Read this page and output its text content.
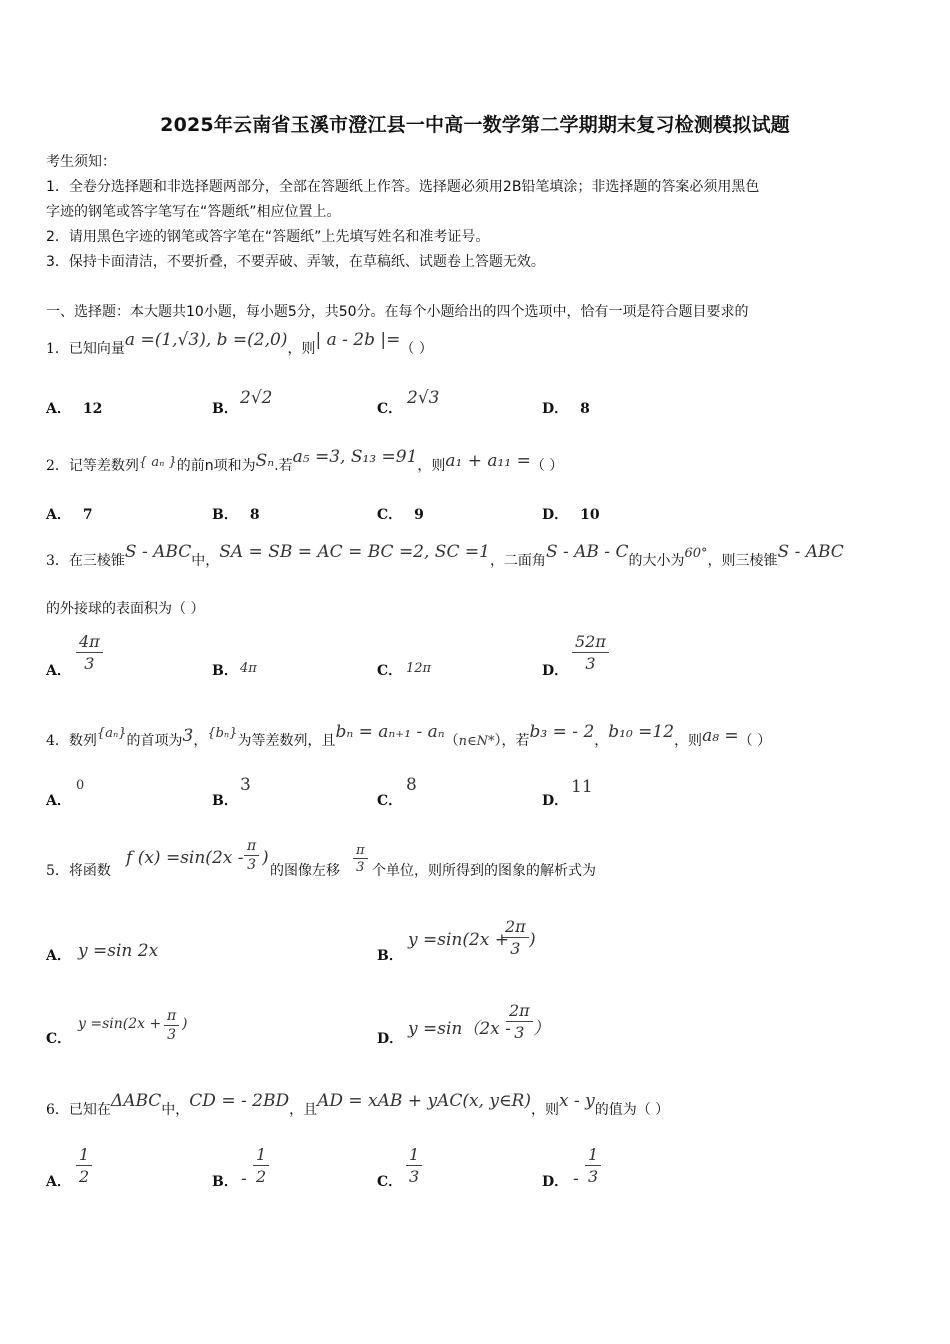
2025年云南省玉溪市澄江县一中高一数学第二学期期末复习检测模拟试题
考生须知：
1．全卷分选择题和非选择题两部分，全部在答题纸上作答。选择题必须用2B铅笔填涂；非选择题的答案必须用黑色
字迹的钢笔或答字笔写在“答题纸”相应位置上。
2．请用黑色字迹的钢笔或答字笔在“答题纸”上先填写姓名和准考证号。
3．保持卡面清洁，不要折叠，不要弄破、弄皱，在草稿纸、试题卷上答题无效。
一、选择题：本大题共10小题，每小题5分，共50分。在每个小题给出的四个选项中，恰有一项是符合题目要求的
1．已知向量a =(1,√3), b =(2,0)，则| a - 2b |=（ ）
A． 12	B．
2√2
C．
2√3
D． 8
2．记等差数列{ aₙ }的前n项和为Sₙ.若a₅ =3, S₁₃ =91，则a₁ + a₁₁ =（ ）
A． 7	B． 8	C． 9	D． 10
3．在三棱锥S - ABC中，SA = SB = AC = BC =2, SC =1，二面角S - AB - C的大小为60°，则三棱锥S - ABC
的外接球的表面积为（ ）
A． $\frac{4\pi}{3}$	B． 4π	C． 12π	D． $\frac{52\pi}{3}$
4．数列{aₙ}的首项为3，{bₙ}为等差数列，且bₙ = aₙ₊₁ - aₙ（n∈N*），若b₃ = - 2，b₁₀ =12，则a₈ =（ ）
A．
0
B．
3
C．
8
D．
11
5．将函数
f $(x) =\sin(2x - \frac{\pi}{3}$ )
的图像左移 $\frac{\pi}{3}$ 个单位，则所得到的图象的解析式为
A． y =sin 2x	B．
y =sin(2x +
$\frac{2\pi}{3}$ )
C．
$y =\sin(2x + \frac{\pi}{3}$ )
D． y =sin（2x -
$\frac{2\pi}{3}$ ）
6．已知在ΔABC中，CD = - 2BD，且AD = xAB + yAC(x, y∈R)，则x - y的值为（ ）
A． $\frac{1}{2}$	B． - $\frac{1}{2}$	C． $\frac{1}{3}$	D． - $\frac{1}{3}$
